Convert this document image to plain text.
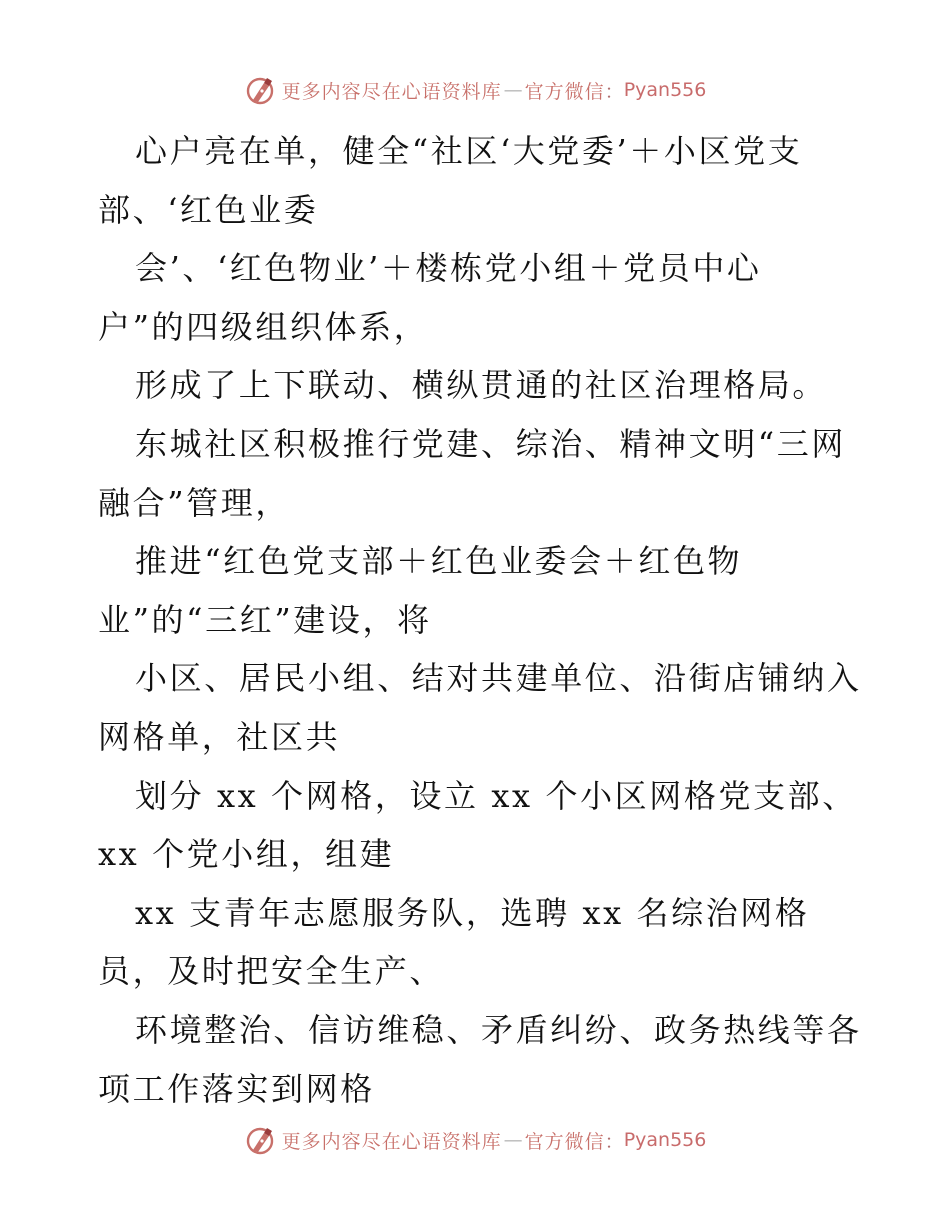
更多内容尽在心语资料库 — 官方微信 ： Pyan556

心户亮在单，健全“社区‘大党委’＋小区党支
部、‘红色业委

会’、‘红色物业’＋楼栋党小组＋党员中心
户”的四级组织体系，

形成了上下联动、横纵贯通的社区治理格局。

东城社区积极推行党建、综治、精神文明“三网
融合”管理，

推进“红色党支部＋红色业委会＋红色物
业”的“三红”建设，将

小区、居民小组、结对共建单位、沿街店铺纳入
网格单，社区共

划分 xx 个网格，设立 xx 个小区网格党支部、
xx 个党小组，组建

xx 支青年志愿服务队，选聘 xx 名综治网格
员，及时把安全生产、

环境整治、信访维稳、矛盾纠纷、政务热线等各
项工作落实到网格

更多内容尽在心语资料库 — 官方微信 ： Pyan556
